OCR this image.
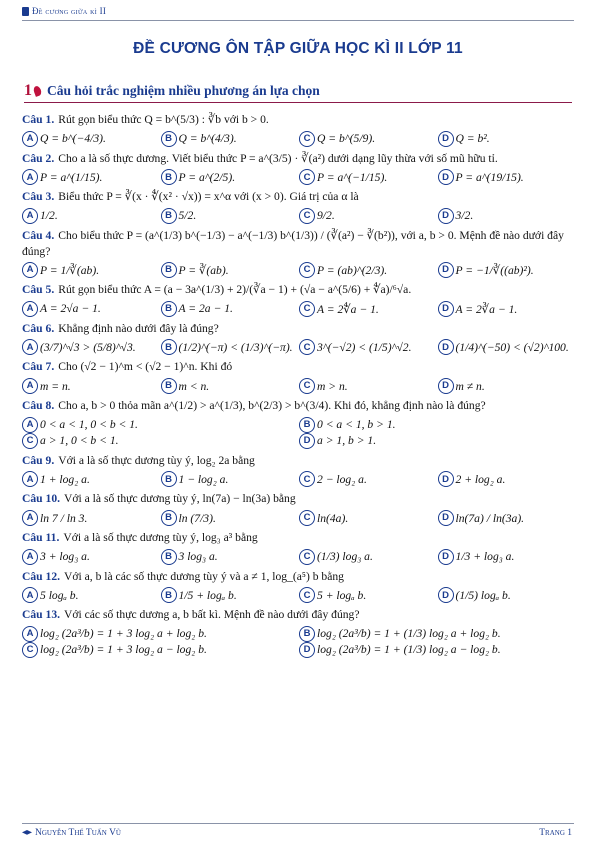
Đề cương giữa kì II
ĐỀ CƯƠNG ÔN TẬP GIỮA HỌC KÌ II LỚP 11
1 Câu hỏi trắc nghiệm nhiều phương án lựa chọn
Câu 1. Rút gọn biểu thức Q = b^(5/3) : ∛b với b > 0.
A Q = b^(−4/3).	B Q = b^(4/3).	C Q = b^(5/9).	D Q = b².
Câu 2. Cho a là số thực dương. Viết biểu thức P = a^(3/5) · ∛(a²) dưới dạng lũy thừa với số mũ hữu tỉ.
A P = a^(1/15).	B P = a^(2/5).	C P = a^(−1/15).	D P = a^(19/15).
Câu 3. Biểu thức P = ∛(x · ∜(x² · √x)) = x^α với (x > 0). Giá trị của α là
A 1/2.	B 5/2.	C 9/2.	D 3/2.
Câu 4. Cho biểu thức P = (a^(1/3) b^(−1/3) − a^(−1/3) b^(1/3)) / (∛(a²) − ∛(b²)), với a, b > 0. Mệnh đề nào dưới đây đúng?
A P = 1/∛(ab).	B P = ∛(ab).	C P = (ab)^(2/3).	D P = −1/∛((ab)²).
Câu 5. Rút gọn biểu thức A = (a − 3a^(1/3) + 2)/(∛a − 1) + (√a − a^(5/6) + ∜a)/⁶√a.
A A = 2√a − 1.	B A = 2a − 1.	C A = 2∜a − 1.	D A = 2∛a − 1.
Câu 6. Khẳng định nào dưới đây là đúng?
A (3/7)^√3 > (5/8)^√3.	B (1/2)^(−π) < (1/3)^(−π).	C 3^(−√2) < (1/5)^√2.	D (1/4)^(−50) < (√2)^100.
Câu 7. Cho (√2 − 1)^m < (√2 − 1)^n. Khi đó
A m = n.	B m < n.	C m > n.	D m ≠ n.
Câu 8. Cho a, b > 0 thỏa mãn a^(1/2) > a^(1/3), b^(2/3) > b^(3/4). Khi đó, khẳng định nào là đúng?
A 0 < a < 1, 0 < b < 1.	B 0 < a < 1, b > 1.
C a > 1, 0 < b < 1.	D a > 1, b > 1.
Câu 9. Với a là số thực dương tùy ý, log₂ 2a bằng
A 1 + log₂ a.	B 1 − log₂ a.	C 2 − log₂ a.	D 2 + log₂ a.
Câu 10. Với a là số thực dương tùy ý, ln(7a) − ln(3a) bằng
A ln 7 / ln 3.	B ln (7/3).	C ln(4a).	D ln(7a) / ln(3a).
Câu 11. Với a là số thực dương tùy ý, log₃ a³ bằng
A 3 + log₃ a.	B 3 log₃ a.	C (1/3) log₃ a.	D 1/3 + log₃ a.
Câu 12. Với a, b là các số thực dương tùy ý và a ≠ 1, log_(a⁵) b bằng
A 5 logₐ b.	B 1/5 + logₐ b.	C 5 + logₐ b.	D (1/5) logₐ b.
Câu 13. Với các số thực dương a, b bất kì. Mệnh đề nào dưới đây đúng?
A log₂ (2a³/b) = 1 + 3 log₂ a + log₂ b.	B log₂ (2a³/b) = 1 + (1/3) log₂ a + log₂ b.
C log₂ (2a³/b) = 1 + 3 log₂ a − log₂ b.	D log₂ (2a³/b) = 1 + (1/3) log₂ a − log₂ b.
Nguyễn Thế Tuấn Vũ	Trang 1
